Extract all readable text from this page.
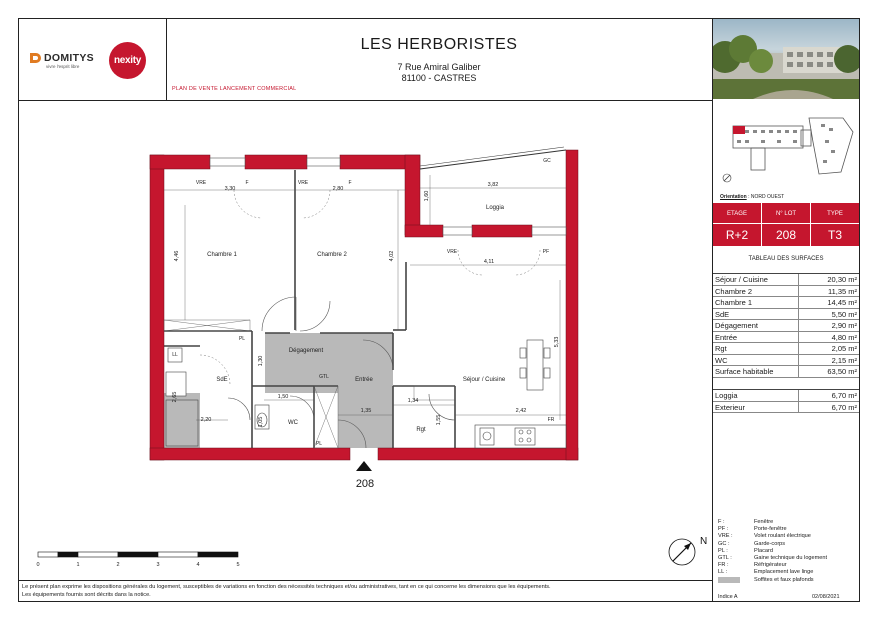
DOMITYS
vivre l'esprit libre
nexity
PLAN DE VENTE LANCEMENT COMMERCIAL
LES HERBORISTES
7 Rue Amiral Galiber
81100 - CASTRES
Orientation : NORD OUEST
ETAGE	N° LOT	TYPE
R+2	208	T3
TABLEAU DES SURFACES
Séjour / Cuisine	20,30 m²
Chambre 2	11,35 m²
Chambre 1	14,45 m²
SdE	5,50 m²
Dégagement	2,90 m²
Entrée	4,80 m²
Rgt	2,05 m²
WC	2,15 m²
Surface habitable	63,50 m²
Loggia	6,70 m²
Exterieur	6,70 m²
F :	Fenêtre
PF :	Porte-fenêtre
VRE :	Volet roulant électrique
GC :	Garde-corps
PL :	Placard
GTL :	Gaine technique du logement
FR :	Réfrigérateur
LL :	Emplacement lave linge
Soffites et faux plafonds
Indice A	02/08/2021
Le présent plan exprime les dispositions générales du logement, susceptibles de variations en fonction des nécessités techniques et/ou administratives, tant en ce qui concerne les dimensions que les équipements.
Les équipements fournis sont décrits dans la notice.
Chambre 1	Chambre 2
Loggia
Dégagement
Entrée
SdE
WC
Rgt
Séjour / Cuisine
VRE	F	VRE	F
GC
VRE	PF
PL
LL
GTL
PL
FR
3,30	2,80
3,82
1,60
4,46	4,02
4,11
5,33
1,50
1,35
1,34
1,55
2,42
2,20
2,65
1,05
1,30
208
0	1	2	3	4	5
N
